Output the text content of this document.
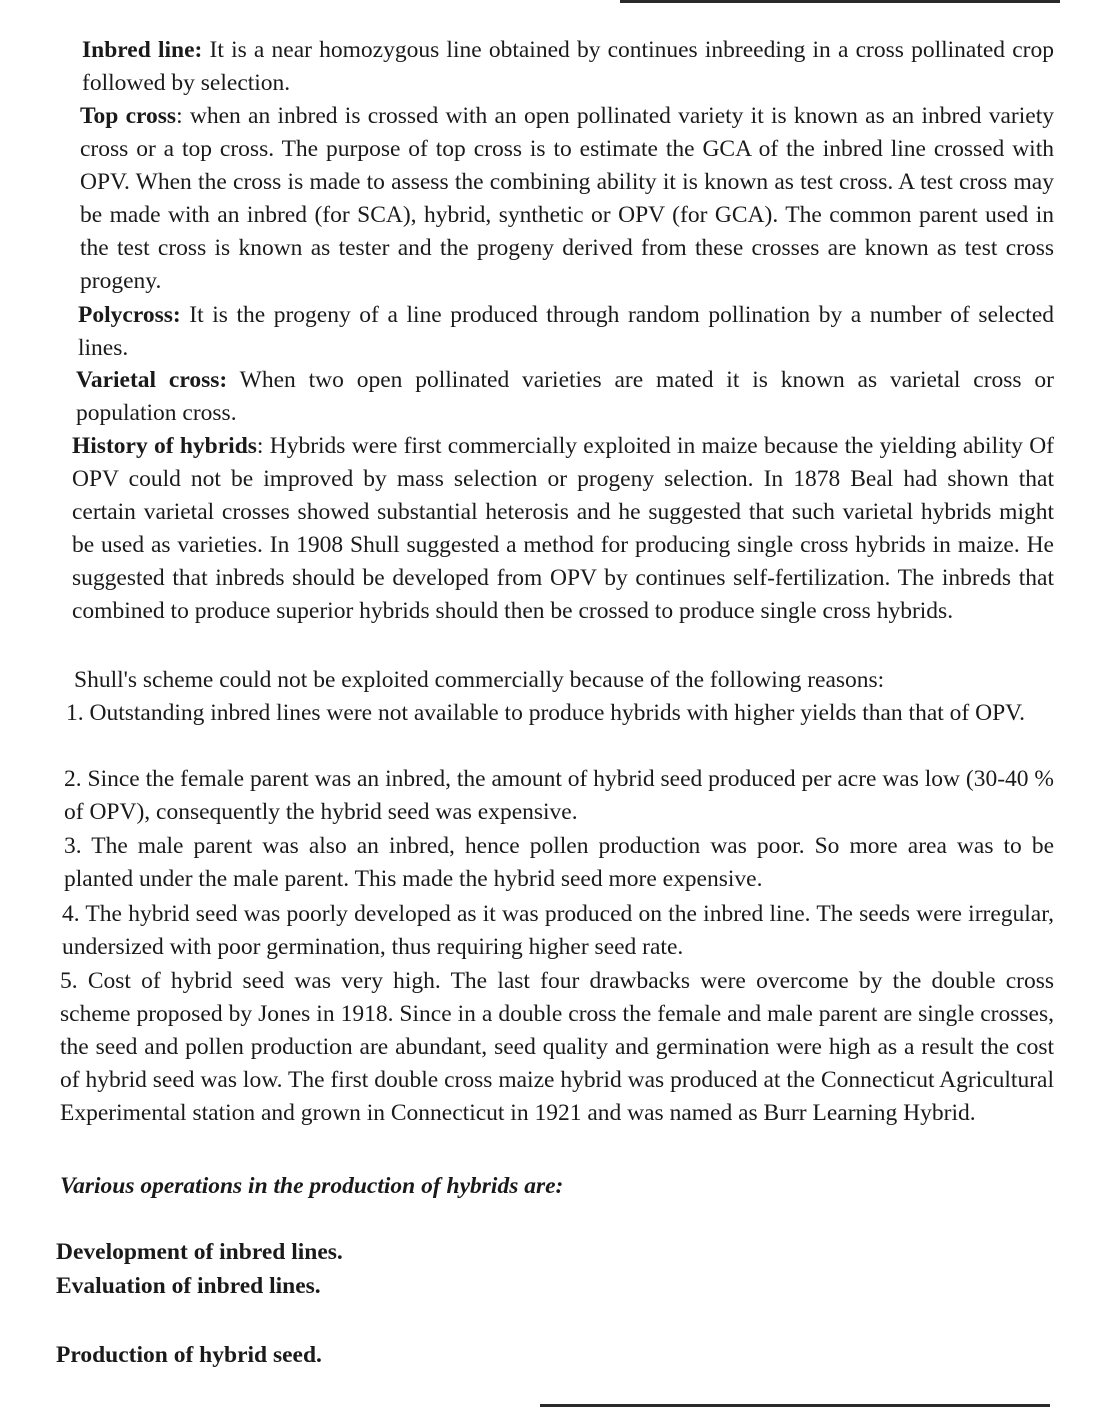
Inbred line: It is a near homozygous line obtained by continues inbreeding in a cross pollinated crop followed by selection.

Top cross: when an inbred is crossed with an open pollinated variety it is known as an inbred variety cross or a top cross. The purpose of top cross is to estimate the GCA of the inbred line crossed with OPV. When the cross is made to assess the combining ability it is known as test cross. A test cross may be made with an inbred (for SCA), hybrid, synthetic or OPV (for GCA). The common parent used in the test cross is known as tester and the progeny derived from these crosses are known as test cross progeny.

Polycross: It is the progeny of a line produced through random pollination by a number of selected lines.

Varietal cross: When two open pollinated varieties are mated it is known as varietal cross or population cross.

History of hybrids: Hybrids were first commercially exploited in maize because the yielding ability Of OPV could not be improved by mass selection or progeny selection. In 1878 Beal had shown that certain varietal crosses showed substantial heterosis and he suggested that such varietal hybrids might be used as varieties. In 1908 Shull suggested a method for producing single cross hybrids in maize. He suggested that inbreds should be developed from OPV by continues self-fertilization. The inbreds that combined to produce superior hybrids should then be crossed to produce single cross hybrids.

Shull's scheme could not be exploited commercially because of the following reasons:

1. Outstanding inbred lines were not available to produce hybrids with higher yields than that of OPV.

2. Since the female parent was an inbred, the amount of hybrid seed produced per acre was low (30-40 % of OPV), consequently the hybrid seed was expensive.

3. The male parent was also an inbred, hence pollen production was poor. So more area was to be planted under the male parent. This made the hybrid seed more expensive.

4. The hybrid seed was poorly developed as it was produced on the inbred line. The seeds were irregular, undersized with poor germination, thus requiring higher seed rate.

5. Cost of hybrid seed was very high. The last four drawbacks were overcome by the double cross scheme proposed by Jones in 1918. Since in a double cross the female and male parent are single crosses, the seed and pollen production are abundant, seed quality and germination were high as a result the cost of hybrid seed was low. The first double cross maize hybrid was produced at the Connecticut Agricultural Experimental station and grown in Connecticut in 1921 and was named as Burr Learning Hybrid.

Various operations in the production of hybrids are:
Development of inbred lines.
Evaluation of inbred lines.
Production of hybrid seed.
